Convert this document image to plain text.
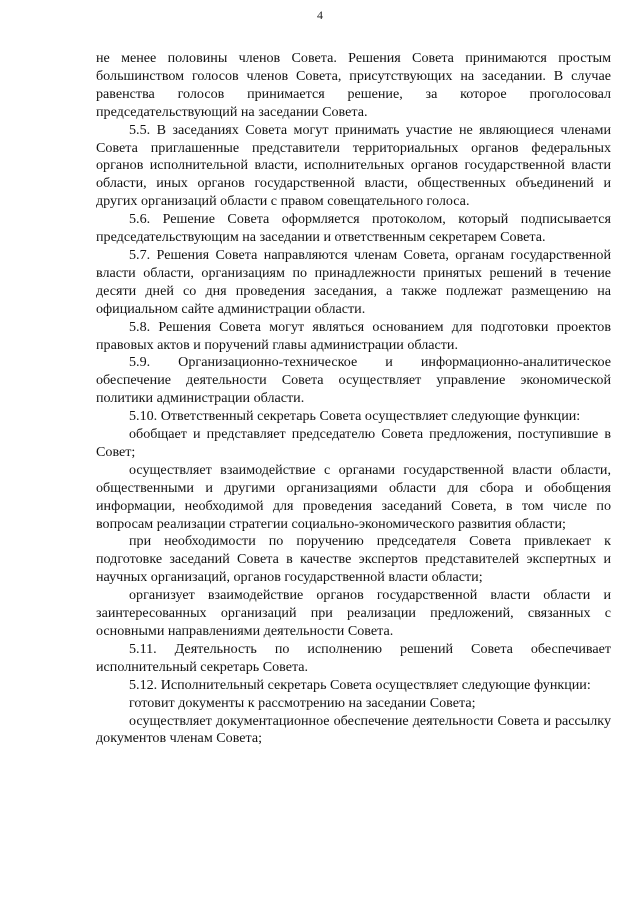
4

не менее половины членов Совета. Решения Совета принимаются простым большинством голосов членов Совета, присутствующих на заседании. В случае равенства голосов принимается решение, за которое проголосовал председательствующий на заседании Совета.

5.5. В заседаниях Совета могут принимать участие не являющиеся членами Совета приглашенные представители территориальных органов федеральных органов исполнительной власти, исполнительных органов государственной власти области, иных органов государственной власти, общественных объединений и других организаций области с правом совещательного голоса.

5.6. Решение Совета оформляется протоколом, который подписывается председательствующим на заседании и ответственным секретарем Совета.

5.7. Решения Совета направляются членам Совета, органам государственной власти области, организациям по принадлежности принятых решений в течение десяти дней со дня проведения заседания, а также подлежат размещению на официальном сайте администрации области.

5.8. Решения Совета могут являться основанием для подготовки проектов правовых актов и поручений главы администрации области.

5.9. Организационно-техническое и информационно-аналитическое обеспечение деятельности Совета осуществляет управление экономической политики администрации области.

5.10. Ответственный секретарь Совета осуществляет следующие функции:

обобщает и представляет председателю Совета предложения, поступившие в Совет;

осуществляет взаимодействие с органами государственной власти области, общественными и другими организациями области для сбора и обобщения информации, необходимой для проведения заседаний Совета, в том числе по вопросам реализации стратегии социально-экономического развития области;

при необходимости по поручению председателя Совета привлекает к подготовке заседаний Совета в качестве экспертов представителей экспертных и научных организаций, органов государственной власти области;

организует взаимодействие органов государственной власти области и заинтересованных организаций при реализации предложений, связанных с основными направлениями деятельности Совета.

5.11. Деятельность по исполнению решений Совета обеспечивает исполнительный секретарь Совета.

5.12. Исполнительный секретарь Совета осуществляет следующие функции:

готовит документы к рассмотрению на заседании Совета;

осуществляет документационное обеспечение деятельности Совета и рассылку документов членам Совета;
